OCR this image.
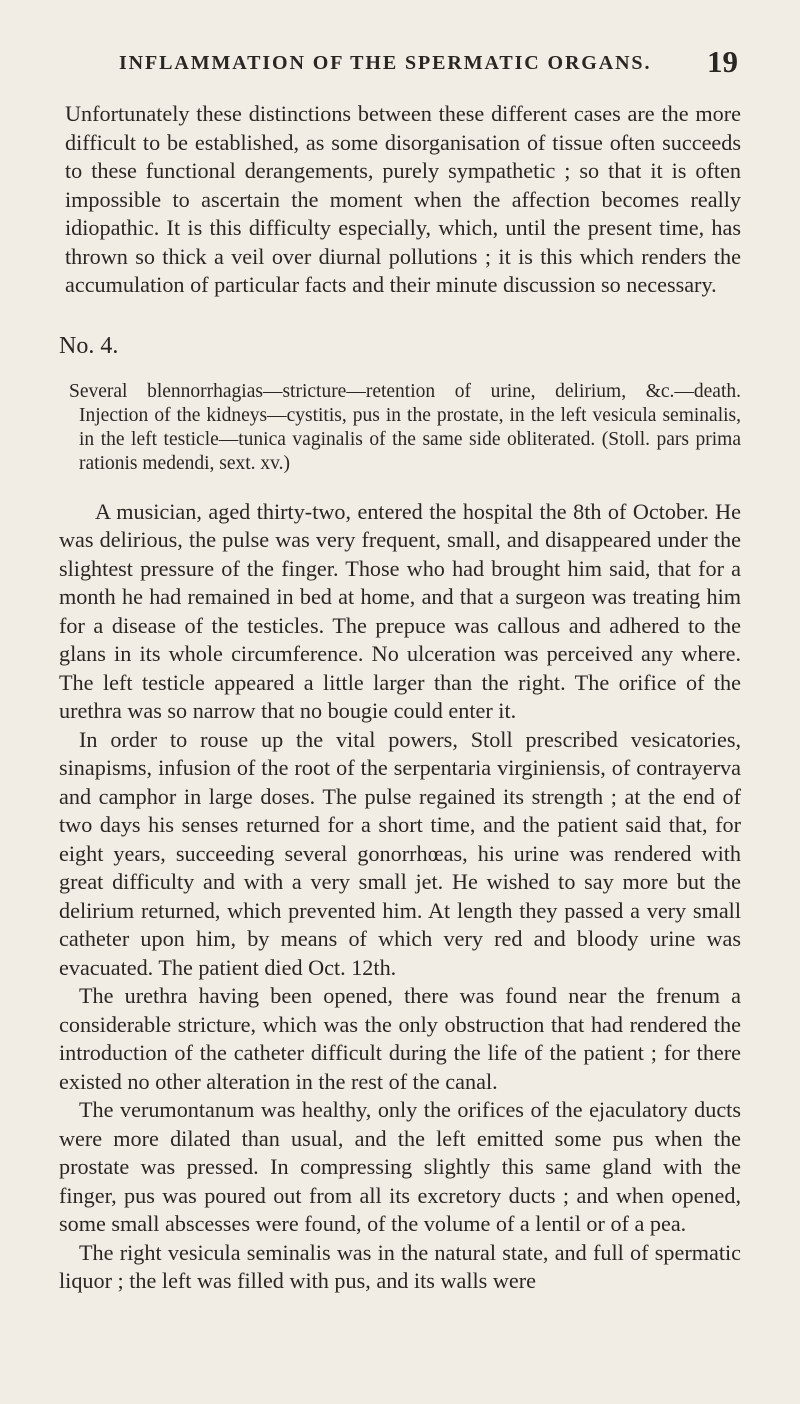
INFLAMMATION OF THE SPERMATIC ORGANS. 19

Unfortunately these distinctions between these different cases are the more difficult to be established, as some disorganisation of tissue often succeeds to these functional derangements, purely sympathetic ; so that it is often impossible to ascertain the moment when the affection becomes really idiopathic. It is this difficulty especially, which, until the present time, has thrown so thick a veil over diurnal pollutions ; it is this which renders the accumulation of particular facts and their minute discussion so necessary.

No. 4.

Several blennorrhagias—stricture—retention of urine, delirium, &c.—death. Injection of the kidneys—cystitis, pus in the prostate, in the left vesicula seminalis, in the left testicle—tunica vaginalis of the same side obliterated. (Stoll. pars prima rationis medendi, sext. xv.)

A musician, aged thirty-two, entered the hospital the 8th of October. He was delirious, the pulse was very frequent, small, and disappeared under the slightest pressure of the finger. Those who had brought him said, that for a month he had remained in bed at home, and that a surgeon was treating him for a disease of the testicles. The prepuce was callous and adhered to the glans in its whole circumference. No ulceration was perceived any where. The left testicle appeared a little larger than the right. The orifice of the urethra was so narrow that no bougie could enter it.

In order to rouse up the vital powers, Stoll prescribed vesicatories, sinapisms, infusion of the root of the serpentaria virginiensis, of contrayerva and camphor in large doses. The pulse regained its strength ; at the end of two days his senses returned for a short time, and the patient said that, for eight years, succeeding several gonorrhœas, his urine was rendered with great difficulty and with a very small jet. He wished to say more but the delirium returned, which prevented him. At length they passed a very small catheter upon him, by means of which very red and bloody urine was evacuated. The patient died Oct. 12th.

The urethra having been opened, there was found near the frenum a considerable stricture, which was the only obstruction that had rendered the introduction of the catheter difficult during the life of the patient ; for there existed no other alteration in the rest of the canal.

The verumontanum was healthy, only the orifices of the ejaculatory ducts were more dilated than usual, and the left emitted some pus when the prostate was pressed. In compressing slightly this same gland with the finger, pus was poured out from all its excretory ducts ; and when opened, some small abscesses were found, of the volume of a lentil or of a pea.

The right vesicula seminalis was in the natural state, and full of spermatic liquor ; the left was filled with pus, and its walls were
